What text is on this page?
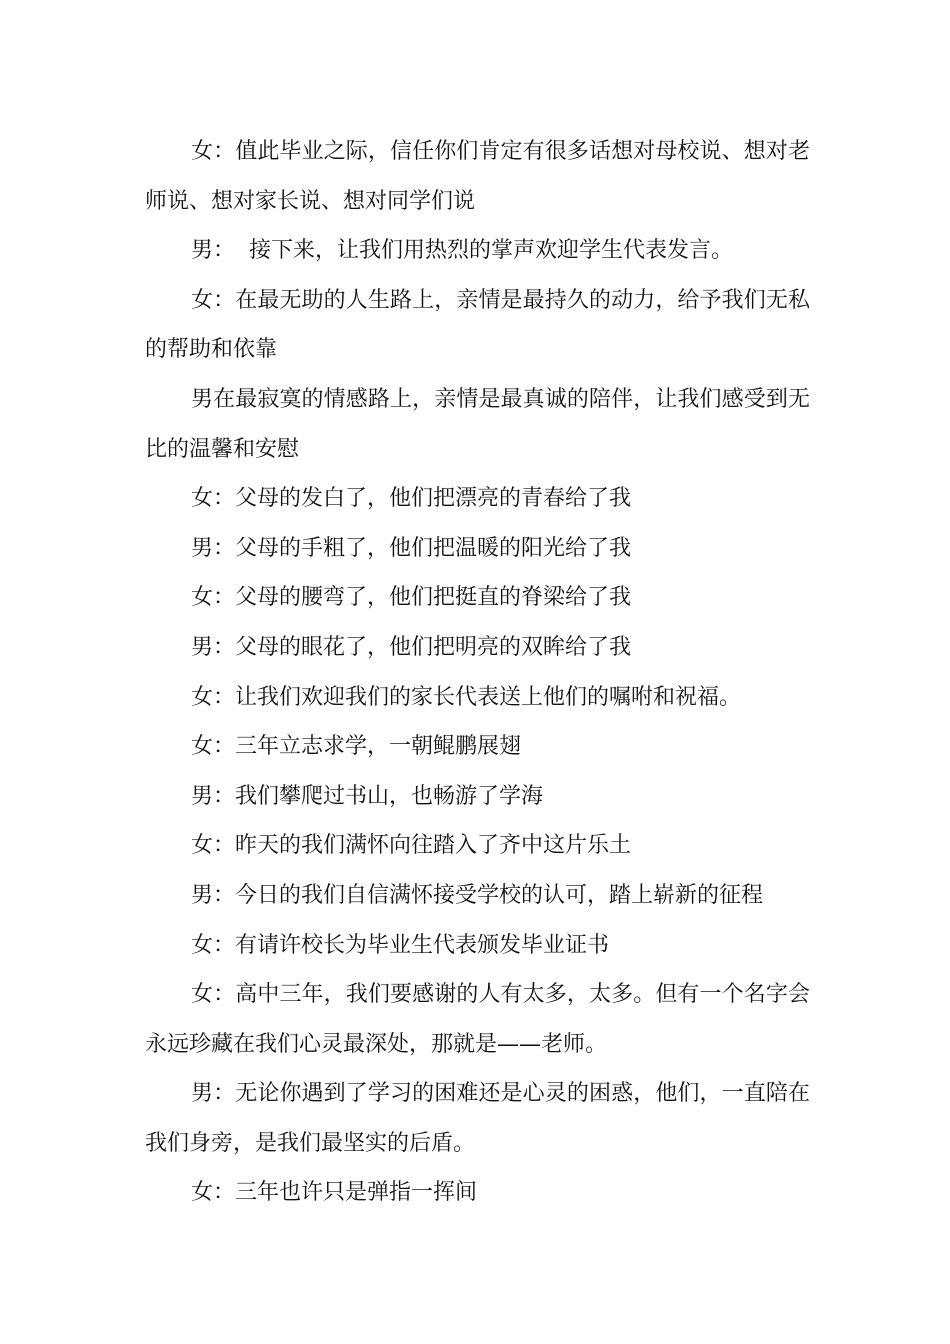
女：值此毕业之际，信任你们肯定有很多话想对母校说、想对老师说、想对家长说、想对同学们说

男：  接下来，让我们用热烈的掌声欢迎学生代表发言。

女：在最无助的人生路上，亲情是最持久的动力，给予我们无私的帮助和依靠

男在最寂寞的情感路上，亲情是最真诚的陪伴，让我们感受到无比的温馨和安慰

女：父母的发白了，他们把漂亮的青春给了我

男：父母的手粗了，他们把温暖的阳光给了我

女：父母的腰弯了，他们把挺直的脊梁给了我

男：父母的眼花了，他们把明亮的双眸给了我

女：让我们欢迎我们的家长代表送上他们的嘱咐和祝福。

女：三年立志求学，一朝鲲鹏展翅

男：我们攀爬过书山，也畅游了学海

女：昨天的我们满怀向往踏入了齐中这片乐土

男：今日的我们自信满怀接受学校的认可，踏上崭新的征程

女：有请许校长为毕业生代表颁发毕业证书

女：高中三年，我们要感谢的人有太多，太多。但有一个名字会永远珍藏在我们心灵最深处，那就是——老师。

男：无论你遇到了学习的困难还是心灵的困惑，他们，一直陪在我们身旁，是我们最坚实的后盾。

女：三年也许只是弹指一挥间
